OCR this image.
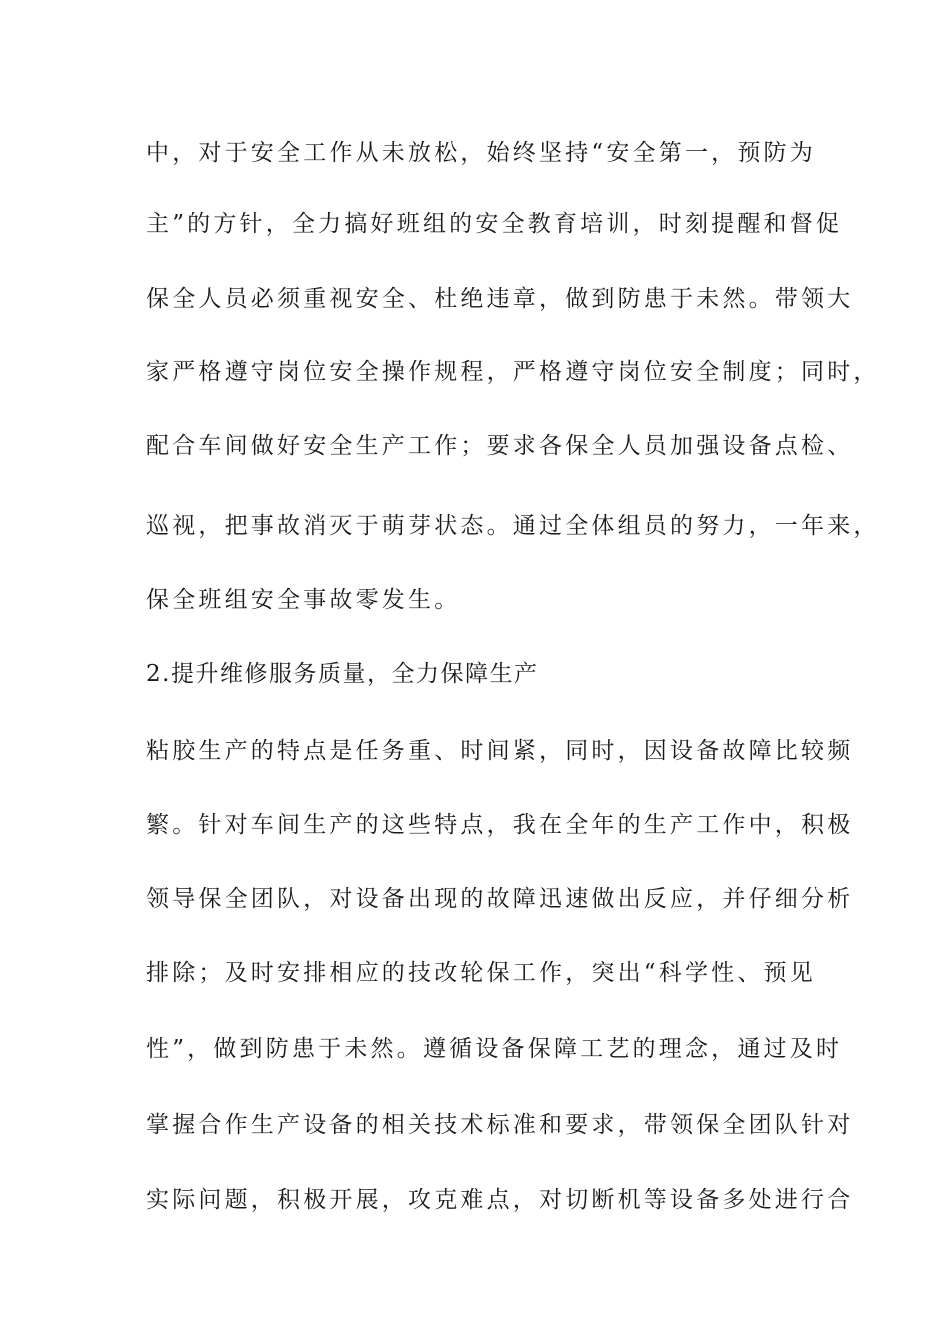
中，对于安全工作从未放松，始终坚持“安全第一，预防为
主”的方针，全力搞好班组的安全教育培训，时刻提醒和督促
保全人员必须重视安全、杜绝违章，做到防患于未然。带领大
家严格遵守岗位安全操作规程，严格遵守岗位安全制度；同时，
配合车间做好安全生产工作；要求各保全人员加强设备点检、
巡视，把事故消灭于萌芽状态。通过全体组员的努力，一年来，
保全班组安全事故零发生。
2.提升维修服务质量，全力保障生产
粘胶生产的特点是任务重、时间紧，同时，因设备故障比较频
繁。针对车间生产的这些特点，我在全年的生产工作中，积极
领导保全团队，对设备出现的故障迅速做出反应，并仔细分析
排除；及时安排相应的技改轮保工作，突出“科学性、预见
性”，做到防患于未然。遵循设备保障工艺的理念，通过及时
掌握合作生产设备的相关技术标准和要求，带领保全团队针对
实际问题，积极开展，攻克难点，对切断机等设备多处进行合
